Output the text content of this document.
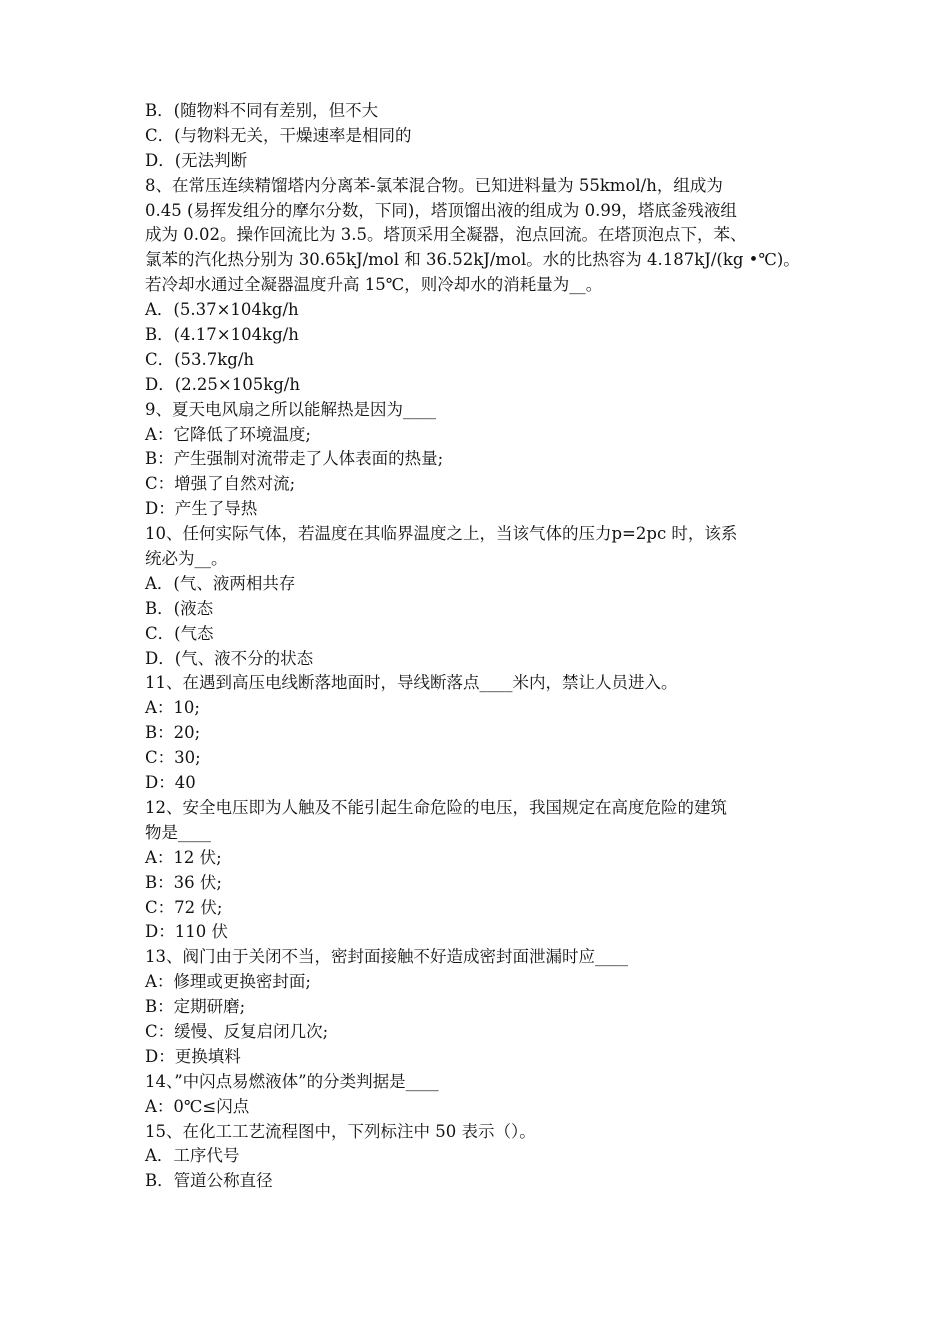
B．(随物料不同有差别，但不大
C．(与物料无关，干燥速率是相同的
D．(无法判断
8、在常压连续精馏塔内分离苯-氯苯混合物。已知进料量为 55kmol/h，组成为
0.45 (易挥发组分的摩尔分数，下同)，塔顶馏出液的组成为 0.99，塔底釜残液组
成为 0.02。操作回流比为 3.5。塔顶采用全凝器，泡点回流。在塔顶泡点下，苯、
氯苯的汽化热分别为 30.65kJ/mol 和 36.52kJ/mol。水的比热容为 4.187kJ/(kg •℃)。
若冷却水通过全凝器温度升高 15℃，则冷却水的消耗量为__。
A．(5.37×104kg/h
B．(4.17×104kg/h
C．(53.7kg/h
D．(2.25×105kg/h
9、夏天电风扇之所以能解热是因为____
A：它降低了环境温度;
B：产生强制对流带走了人体表面的热量;
C：增强了自然对流;
D：产生了导热
10、任何实际气体，若温度在其临界温度之上，当该气体的压力p=2pc 时，该系
统必为__。
A．(气、液两相共存
B．(液态
C．(气态
D．(气、液不分的状态
11、在遇到高压电线断落地面时，导线断落点____米内，禁让人员进入。
A：10;
B：20;
C：30;
D：40
12、安全电压即为人触及不能引起生命危险的电压，我国规定在高度危险的建筑
物是____
A：12 伏;
B：36 伏;
C：72 伏;
D：110 伏
13、阀门由于关闭不当，密封面接触不好造成密封面泄漏时应____
A：修理或更换密封面;
B：定期研磨;
C：缓慢、反复启闭几次;
D：更换填料
14、”中闪点易燃液体”的分类判据是____
A：0℃≤闪点
15、在化工工艺流程图中，下列标注中 50 表示（）。
A．工序代号
B．管道公称直径
